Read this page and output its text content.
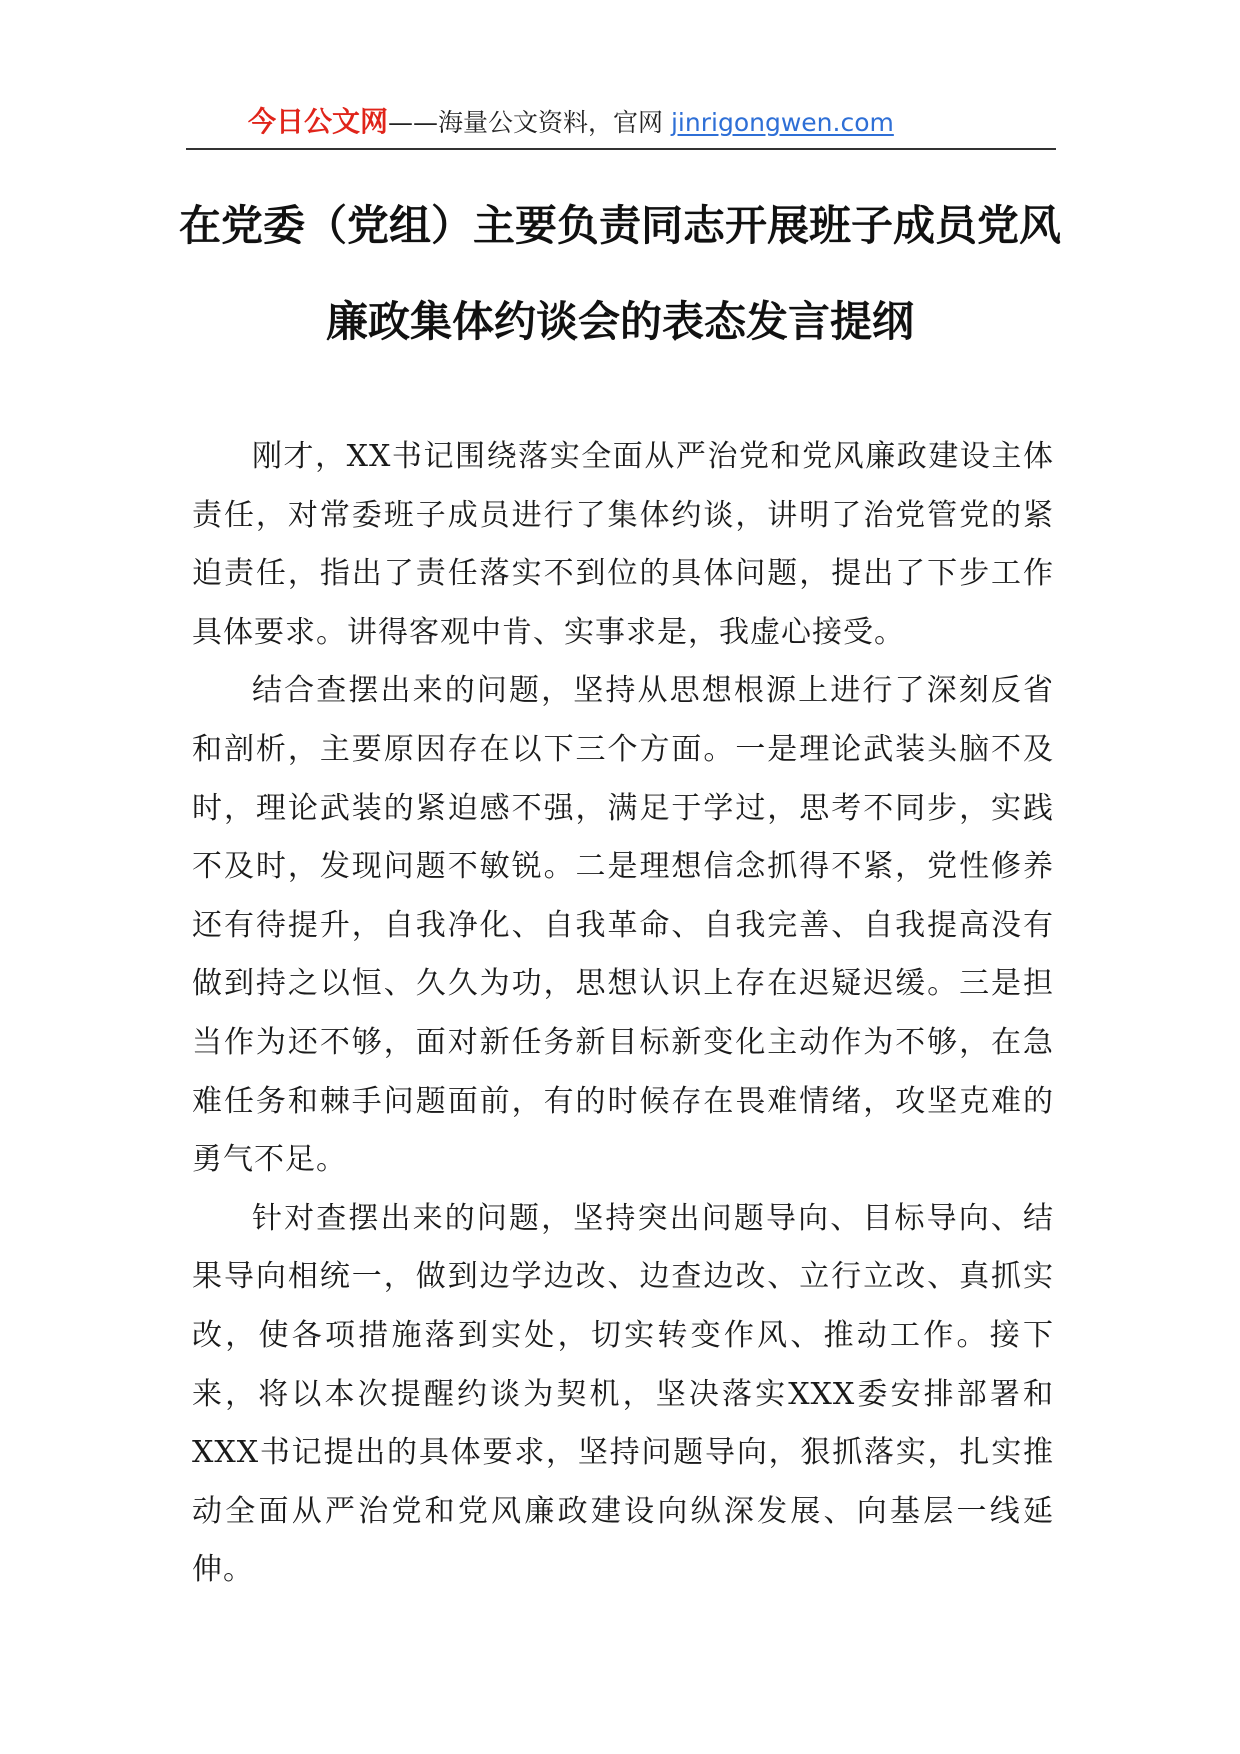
今日公文网——海量公文资料，官网 jinrigongwen.com
在党委（党组）主要负责同志开展班子成员党风廉政集体约谈会的表态发言提纲

刚才，XX书记围绕落实全面从严治党和党风廉政建设主体责任，对常委班子成员进行了集体约谈，讲明了治党管党的紧迫责任，指出了责任落实不到位的具体问题，提出了下步工作具体要求。讲得客观中肯、实事求是，我虚心接受。

结合查摆出来的问题，坚持从思想根源上进行了深刻反省和剖析，主要原因存在以下三个方面。一是理论武装头脑不及时，理论武装的紧迫感不强，满足于学过，思考不同步，实践不及时，发现问题不敏锐。二是理想信念抓得不紧，党性修养还有待提升，自我净化、自我革命、自我完善、自我提高没有做到持之以恒、久久为功，思想认识上存在迟疑迟缓。三是担当作为还不够，面对新任务新目标新变化主动作为不够，在急难任务和棘手问题面前，有的时候存在畏难情绪，攻坚克难的勇气不足。

针对查摆出来的问题，坚持突出问题导向、目标导向、结果导向相统一，做到边学边改、边查边改、立行立改、真抓实改，使各项措施落到实处，切实转变作风、推动工作。接下来，将以本次提醒约谈为契机，坚决落实XXX委安排部署和XXX书记提出的具体要求，坚持问题导向，狠抓落实，扎实推动全面从严治党和党风廉政建设向纵深发展、向基层一线延伸。
